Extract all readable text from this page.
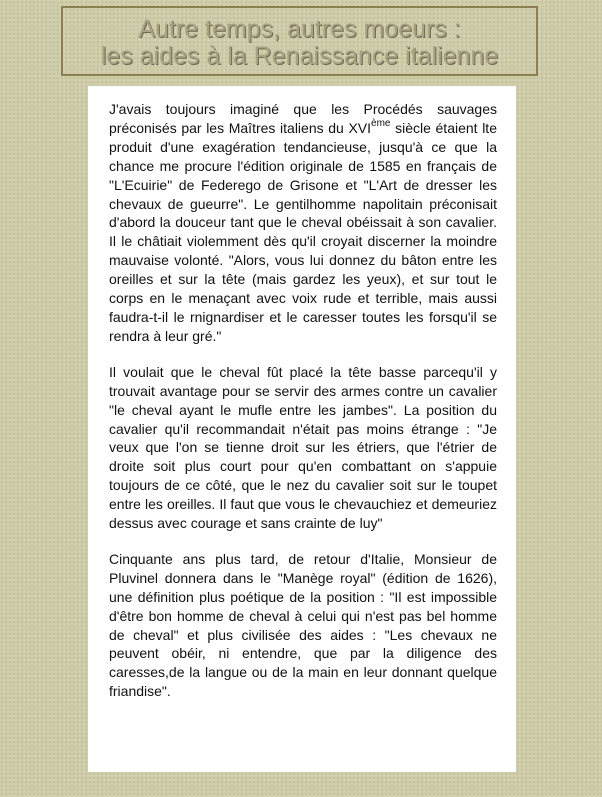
Autre temps, autres moeurs :
les aides à la Renaissance italienne

J'avais toujours imaginé que les Procédés sauvages préconisés par les Maîtres italiens du XVIème siècle étaient lte produit d'une exagération tendancieuse, jusqu'à ce que la chance me procure l'édition originale de 1585 en français de "L'Ecuirie" de Federego de Grisone et "L'Art de dresser les chevaux de gueurre". Le gentilhomme napolitain préconisait d'abord la douceur tant que le cheval obéissait à son cavalier. Il le châtiait violemment dès qu'il croyait discerner la moindre mauvaise volonté. "Alors, vous lui donnez du bâton entre les oreilles et sur la tête (mais gardez les yeux), et sur tout le corps en le menaçant avec voix rude et terrible, mais aussi faudra-t-il le rnignardiser et le caresser toutes les forsqu'il se rendra à leur gré."

Il voulait que le cheval fût placé la tête basse parcequ'il y trouvait avantage pour se servir des armes contre un cavalier "le cheval ayant le mufle entre les jambes". La position du cavalier qu'il recommandait n'était pas moins étrange : "Je veux que l'on se tienne droit sur les étriers, que l'étrier de droite soit plus court pour qu'en combattant on s'appuie toujours de ce côté, que le nez du cavalier soit sur le toupet entre les oreilles. Il faut que vous le chevauchiez et demeuriez dessus avec courage et sans crainte de luy"

Cinquante ans plus tard, de retour d'Italie, Monsieur de Pluvinel donnera dans le "Manège royal" (édition de 1626), une définition plus poétique de la position : "Il est impossible d'être bon homme de cheval à celui qui n'est pas bel homme de cheval" et plus civilisée des aides : "Les chevaux ne peuvent obéir, ni entendre, que par la diligence des caresses,de la langue ou de la main en leur donnant quelque friandise".
